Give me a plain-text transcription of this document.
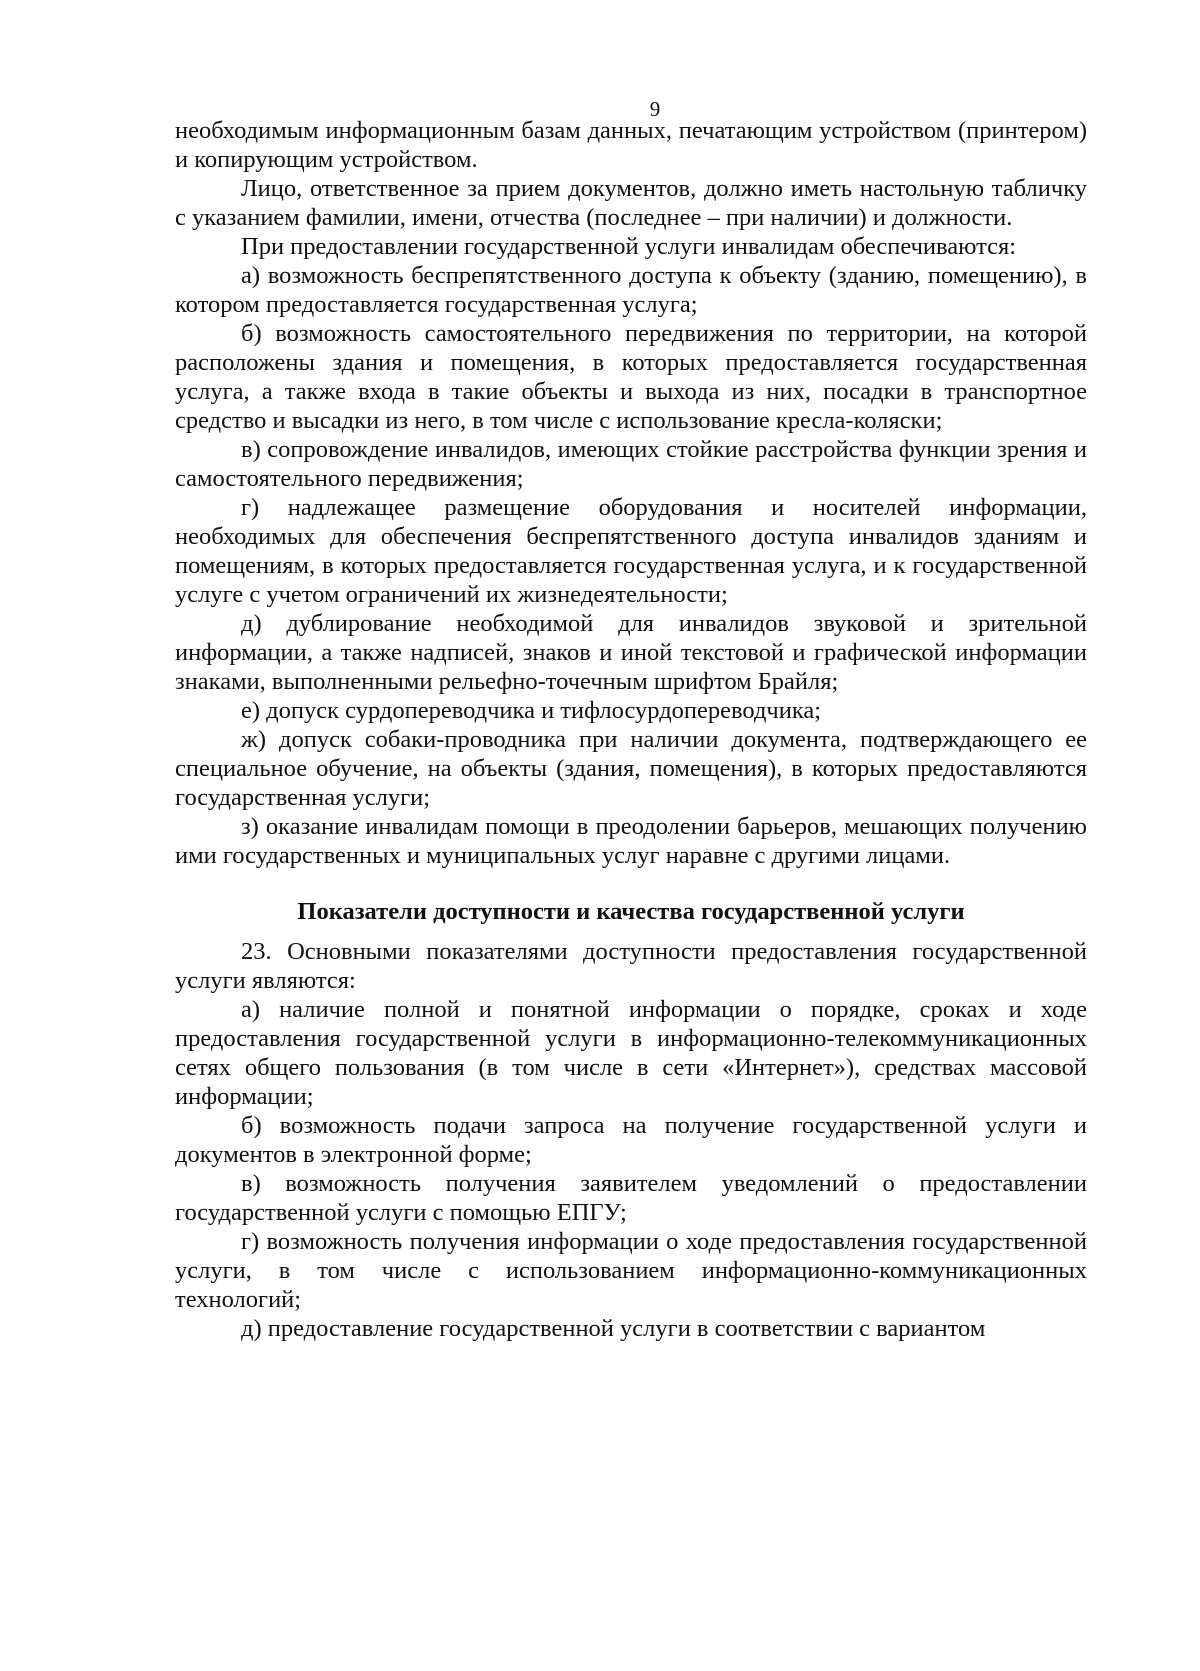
9

необходимым информационным базам данных, печатающим устройством (принтером) и копирующим устройством.

Лицо, ответственное за прием документов, должно иметь настольную табличку с указанием фамилии, имени, отчества (последнее – при наличии) и должности.

При предоставлении государственной услуги инвалидам обеспечиваются:

а) возможность беспрепятственного доступа к объекту (зданию, помещению), в котором предоставляется государственная услуга;

б) возможность самостоятельного передвижения по территории, на которой расположены здания и помещения, в которых предоставляется государственная услуга, а также входа в такие объекты и выхода из них, посадки в транспортное средство и высадки из него, в том числе с использование кресла-коляски;

в) сопровождение инвалидов, имеющих стойкие расстройства функции зрения и самостоятельного передвижения;

г) надлежащее размещение оборудования и носителей информации, необходимых для обеспечения беспрепятственного доступа инвалидов зданиям и помещениям, в которых предоставляется государственная услуга, и к государственной услуге с учетом ограничений их жизнедеятельности;

д) дублирование необходимой для инвалидов звуковой и зрительной информации, а также надписей, знаков и иной текстовой и графической информации знаками, выполненными рельефно-точечным шрифтом Брайля;

е) допуск сурдопереводчика и тифлосурдопереводчика;

ж) допуск собаки-проводника при наличии документа, подтверждающего ее специальное обучение, на объекты (здания, помещения), в которых предоставляются государственная услуги;

з) оказание инвалидам помощи в преодолении барьеров, мешающих получению ими государственных и муниципальных услуг наравне с другими лицами.

Показатели доступности и качества государственной услуги

23. Основными показателями доступности предоставления государственной услуги являются:

а) наличие полной и понятной информации о порядке, сроках и ходе предоставления государственной услуги в информационно-телекоммуникационных сетях общего пользования (в том числе в сети «Интернет»), средствах массовой информации;

б) возможность подачи запроса на получение государственной услуги и документов в электронной форме;

в) возможность получения заявителем уведомлений о предоставлении государственной услуги с помощью ЕПГУ;

г) возможность получения информации о ходе предоставления государственной услуги, в том числе с использованием информационно-коммуникационных технологий;

д) предоставление государственной услуги в соответствии с вариантом
